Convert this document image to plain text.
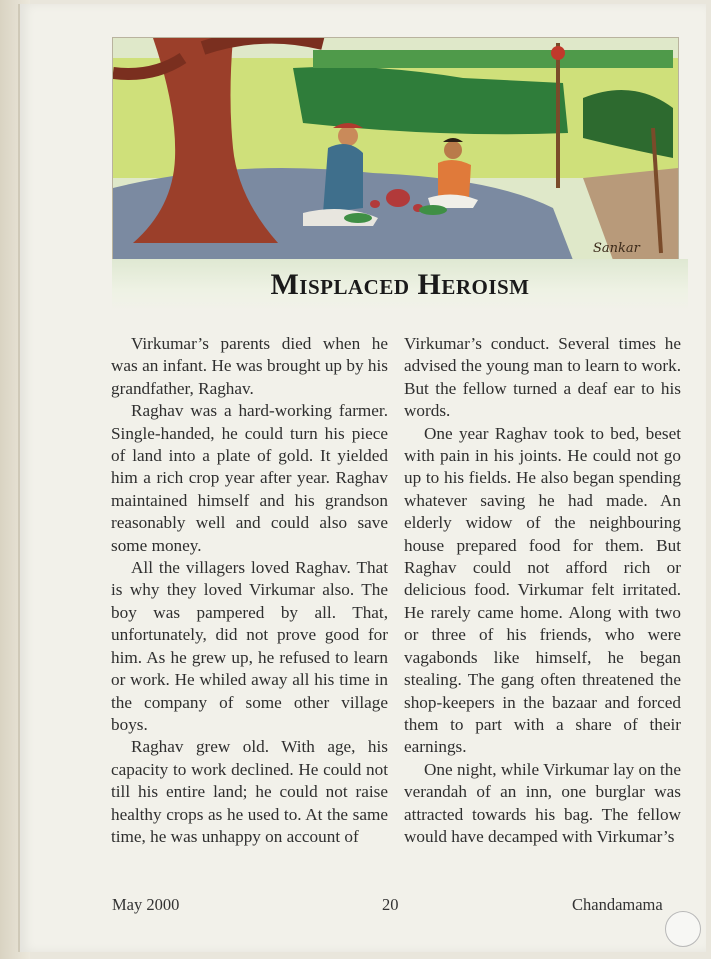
Sankar
Misplaced Heroism

Virkumar’s parents died when he was an infant. He was brought up by his grandfather, Raghav.

Raghav was a hard-working farmer. Single-handed, he could turn his piece of land into a plate of gold. It yielded him a rich crop year after year. Raghav maintained himself and his grandson reasonably well and could also save some money.

All the villagers loved Raghav. That is why they loved Virkumar also. The boy was pampered by all. That, unfortunately, did not prove good for him. As he grew up, he refused to learn or work. He whiled away all his time in the company of some other village boys.

Raghav grew old. With age, his capacity to work declined. He could not till his entire land; he could not raise healthy crops as he used to. At the same time, he was unhappy on account of

Virkumar’s conduct. Several times he advised the young man to learn to work. But the fellow turned a deaf ear to his words.

One year Raghav took to bed, beset with pain in his joints. He could not go up to his fields. He also began spending whatever saving he had made. An elderly widow of the neighbouring house prepared food for them. But Raghav could not afford rich or delicious food. Virkumar felt irritated. He rarely came home. Along with two or three of his friends, who were vagabonds like himself, he began stealing. The gang often threatened the shop-keepers in the bazaar and forced them to part with a share of their earnings.

One night, while Virkumar lay on the verandah of an inn, one burglar was attracted towards his bag. The fellow would have decamped with Virkumar’s

May 2000	20	Chandamama
